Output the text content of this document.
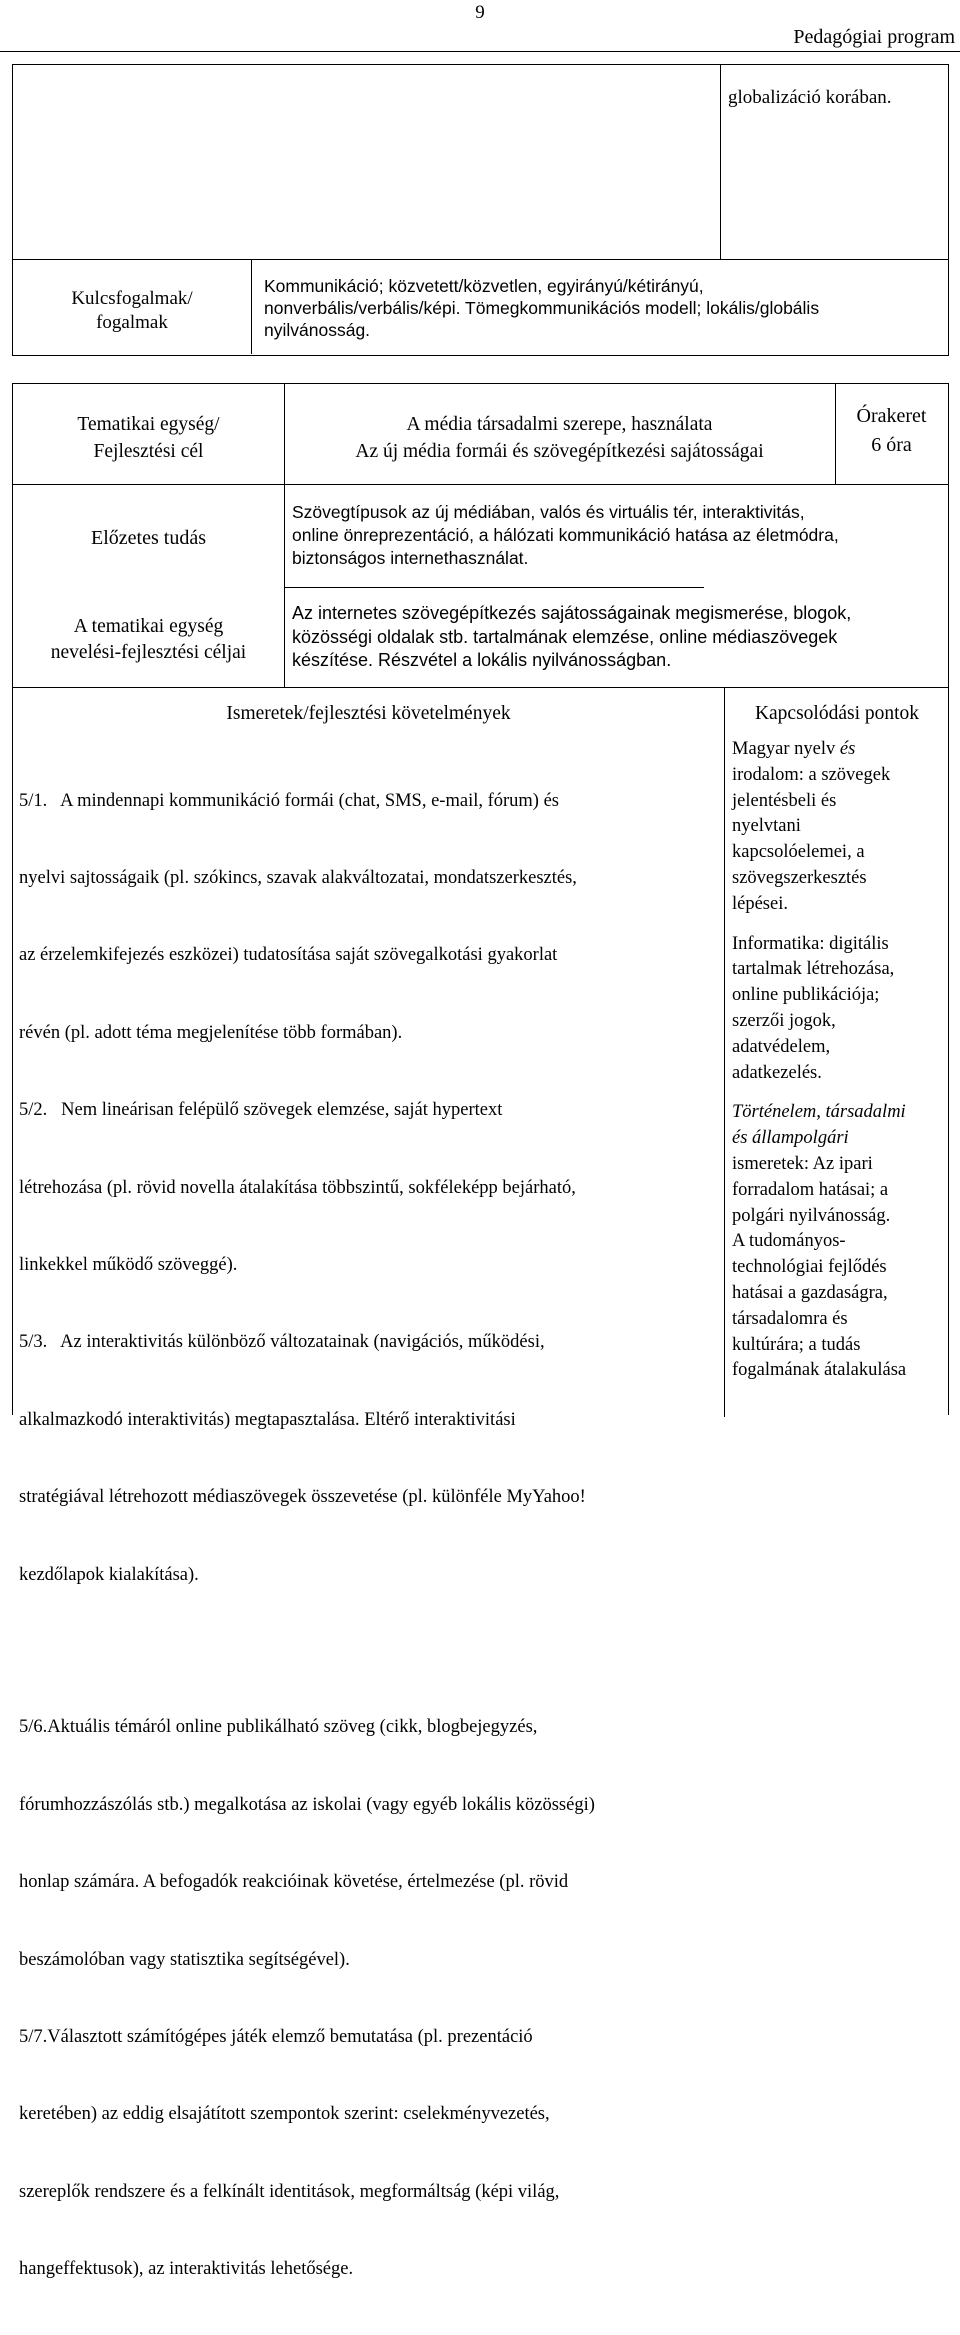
9
Pedagógiai program
globalizáció korában.
Kulcsfogalmak/
fogalmak
Kommunikáció; közvetett/közvetlen, egyirányú/kétirányú,
nonverbális/verbális/képi. Tömegkommunikációs modell; lokális/globális
nyilvánosság.
Tematikai egység/
Fejlesztési cél
A média társadalmi szerepe, használata
Az új média formái és szövegépítkezési sajátosságai
Órakeret
6 óra
Előzetes tudás
Szövegtípusok az új médiában, valós és virtuális tér, interaktivitás,
online önreprezentáció, a hálózati kommunikáció hatása az életmódra,
biztonságos internethasználat.
A tematikai egység
nevelési-fejlesztési céljai
Az internetes szövegépítkezés sajátosságainak megismerése, blogok,
közösségi oldalak stb. tartalmának elemzése, online médiaszövegek
készítése. Részvétel a lokális nyilvánosságban.
Ismeretek/fejlesztési követelmények	Kapcsolódási pontok

5/1.   A mindennapi kommunikáció formái (chat, SMS, e-mail, fórum) és

nyelvi sajtosságaik (pl. szókincs, szavak alakváltozatai, mondatszerkesztés,

az érzelemkifejezés eszközei) tudatosítása saját szövegalkotási gyakorlat

révén (pl. adott téma megjelenítése több formában).

5/2.   Nem lineárisan felépülő szövegek elemzése, saját hypertext

létrehozása (pl. rövid novella átalakítása többszintű, sokféleképp bejárható,

linkekkel működő szöveggé).

5/3.   Az interaktivitás különböző változatainak (navigációs, működési,

alkalmazkodó interaktivitás) megtapasztalása. Eltérő interaktivitási

stratégiával létrehozott médiaszövegek összevetése (pl. különféle MyYahoo!

kezdőlapok kialakítása).

5/6.Aktuális témáról online publikálható szöveg (cikk, blogbejegyzés,

fórumhozzászólás stb.) megalkotása az iskolai (vagy egyéb lokális közösségi)

honlap számára. A befogadók reakcióinak követése, értelmezése (pl. rövid

beszámolóban vagy statisztika segítségével).

5/7.Választott számítógépes játék elemző bemutatása (pl. prezentáció

keretében) az eddig elsajátított szempontok szerint: cselekményvezetés,

szereplők rendszere és a felkínált identitások, megformáltság (képi világ,

hangeffektusok), az interaktivitás lehetősége.

Magyar nyelv és
irodalom: a szövegek
jelentésbeli és
nyelvtani
kapcsolóelemei, a
szövegszerkesztés
lépései.
Informatika: digitális
tartalmak létrehozása,
online publikációja;
szerzői jogok,
adatvédelem,
adatkezelés.
Történelem, társadalmi
és állampolgári
ismeretek: Az ipari
forradalom hatásai; a
polgári nyilvánosság.
A tudományos-
technológiai fejlődés
hatásai a gazdaságra,
társadalomra és
kultúrára; a tudás
fogalmának átalakulása
